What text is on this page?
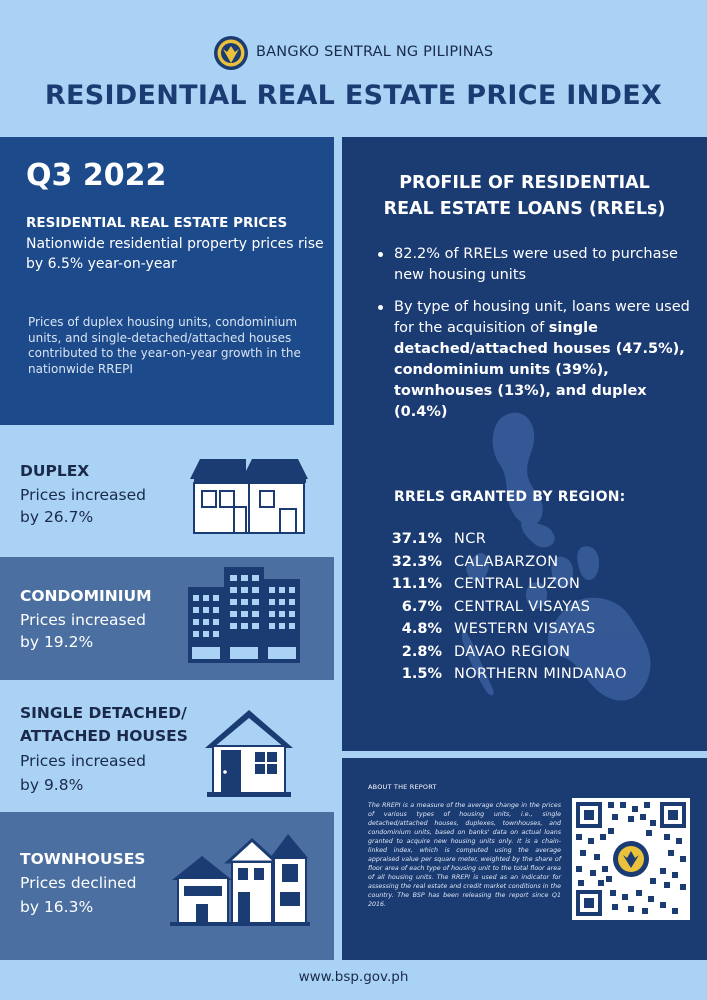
BANGKO SENTRAL NG PILIPINAS
RESIDENTIAL REAL ESTATE PRICE INDEX
Q3 2022
RESIDENTIAL REAL ESTATE PRICES
Nationwide residential property prices rise by 6.5% year-on-year
Prices of duplex housing units, condominium units, and single-detached/attached houses contributed to the year-on-year growth in the nationwide RREPI
DUPLEX
Prices increased
by 26.7%
CONDOMINIUM
Prices increased
by 19.2%
SINGLE DETACHED/
ATTACHED HOUSES
Prices increased
by 9.8%
TOWNHOUSES
Prices declined
by 16.3%
PROFILE OF RESIDENTIAL
REAL ESTATE LOANS (RRELs)
82.2% of RRELs were used to purchase new housing units
By type of housing unit, loans were used for the acquisition of single detached/attached houses (47.5%), condominium units (39%), townhouses (13%), and duplex (0.4%)
RRELS GRANTED BY REGION:
37.1% NCR
32.3% CALABARZON
11.1% CENTRAL LUZON
6.7% CENTRAL VISAYAS
4.8% WESTERN VISAYAS
2.8% DAVAO REGION
1.5% NORTHERN MINDANAO
ABOUT THE REPORT
The RREPI is a measure of the average change in the prices of various types of housing units, i.e., single detached/attached houses, duplexes, townhouses, and condominium units, based on banks' data on actual loans granted to acquire new housing units only. It is a chain-linked index, which is computed using the average appraised value per square meter, weighted by the share of floor area of each type of housing unit to the total floor area of all housing units. The RREPI is used as an indicator for assessing the real estate and credit market conditions in the country. The BSP has been releasing the report since Q1 2016.
www.bsp.gov.ph
